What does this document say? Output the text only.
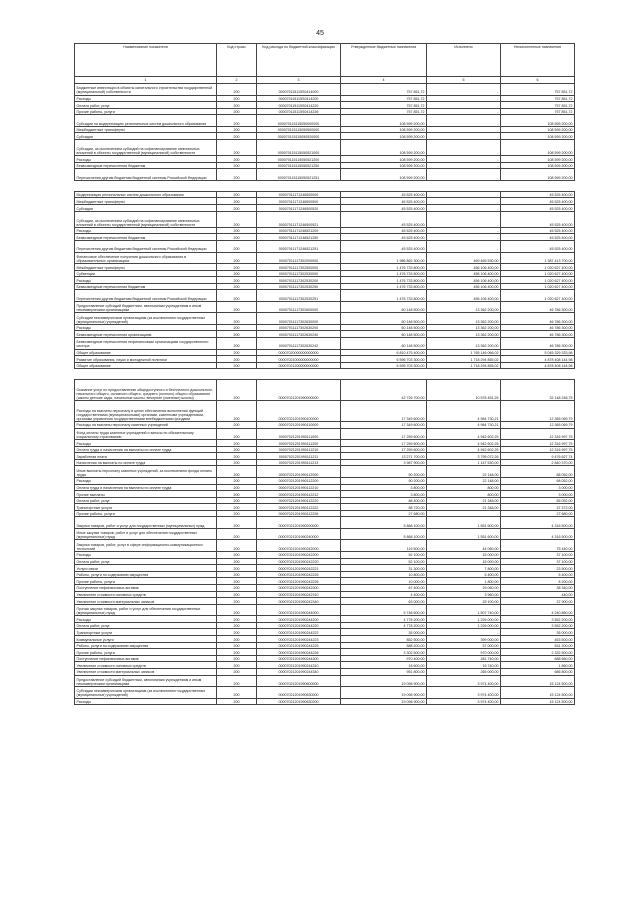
45
Наименование показателя	Код строки	Код расхода по бюджетной классификации	Утвержденные бюджетные назначения	Исполнено	Неисполненные назначения
1	2	3	4	5	6
Бюджетные инвестиции в объекты капитального строительства государственной (муниципальной) собственности	200	000070115115S0414000	757 851,72	-	757 851,72
Расходы	200	000070115115S0414200	757 851,72	-	757 851,72
Оплата работ, услуг	200	000070115115S0414220	757 851,72	-	757 851,72
Прочие работы, услуги	200	000070115115S0414226	757 851,72	-	757 851,72
Субсидии на модернизацию региональных систем дошкольного образования	200	000070115115050000000	108 599 200,00	-	108 599 200,00
Межбюджетные трансферты	200	000070115115050500000	108 599 200,00	-	108 599 200,00
Субсидии	200	000070115115050520000	108 599 200,00	-	108 599 200,00
Субсидии, за исключением субсидий на софинансирование капитальных вложений в объекты государственной (муниципальной) собственности	200	000070115115050521000	108 599 200,00	-	108 599 200,00
Расходы	200	000070115115050521200	108 599 200,00	-	108 599 200,00
Безвозмездные перечисления бюджетам	200	000070115115050521250	108 599 200,00	-	108 599 200,00
Перечисления другим бюджетам бюджетной системы Российской Федерации	200	000070115115050521251	108 599 200,00	-	108 599 200,00

Модернизация региональных систем дошкольного образования	200	00007011171246500000	45 525 400,00	-	45 525 400,00
Межбюджетные трансферты	200	00007011171246500500	45 525 400,00	-	45 525 400,00
Субсидии	200	00007011171246500520	45 525 400,00	-	45 525 400,00
Субсидии, за исключением субсидий на софинансирование капитальных вложений в объекты государственной (муниципальной) собственности	200	00007011171246500521	45 525 400,00	-	45 525 400,00
Расходы	200	00007011171246521200	45 525 400,00	-	45 525 400,00
Безвозмездные перечисления бюджетам	200	00007011171246521250	45 525 400,00	-	45 525 400,00
Перечисления другим бюджетам бюджетной системы Российской Федерации	200	00007011171246521251	45 525 400,00	-	45 525 400,00
Финансовое обеспечение получения дошкольного образования в образовательных организациях	200	00007011117302000000	1 986 862 300,00	469 465 530,00	1 387 413 700,00
Межбюджетные трансферты	200	00007011117302500000	1 476 733 800,00	456 106 400,00	1 020 627 400,00
Субвенции	200	00007011117302530000	1 476 733 800,00	456 106 400,00	1 020 627 400,00
Расходы	200	00007011117302530200	1 476 733 800,00	456 106 400,00	1 020 627 400,00
Безвозмездные перечисления бюджетам	200	00007011117302530250	1 476 733 800,00	456 106 400,00	1 020 627 400,00
Перечисления другим бюджетам бюджетной системы Российской Федерации	200	00007011117302530251	1 476 733 800,00	456 106 400,00	1 020 627 400,00
Предоставление субсидий бюджетным, автономным учреждениям и иным некоммерческим организациям	200	00007011117302600000	60 148 500,00	13 362 200,00	46 786 300,00
Субсидии некоммерческим организациям (за исключением государственных (муниципальных) учреждений)	200	00007011117302630000	60 148 500,00	13 362 200,00	46 786 300,00
Расходы	200	00007011117302630200	60 148 500,00	13 362 200,00	46 786 300,00
Безвозмездные перечисления организациям	200	00007011117302630240	60 148 500,00	13 362 200,00	46 786 300,00
Безвозмездные перечисления нефинансовым организациям государственного сектора	200	00007011117302630242	60 148 500,00	13 362 200,00	46 786 300,00
Общее образование	200	00007020000000000000	6 810 475 400,00	1 765 146 066,02	5 045 329 333,98
Развитие образования, науки и молодежной политики	200	00007021000000000000	6 596 703 300,00	1 718 294 855,02	4 878 408 144,98
Общее образование	200	00007021200000000000	6 595 703 300,00	1 718 294 855,02	4 878 408 144,98

Оказание услуг по предоставлению общедоступного и бесплатного дошкольного, начального общего, основного общего, среднего (полного) общего образования (школы детские сады, начальные школы, вечерние (сменные) школы)	200	00007021201990000000	42 726 700,00	10 578 451,25	32 148 248,75
Расходы на выплаты персоналу в целях обеспечения выполнения функций государственными (муниципальными) органами, казенными учреждениями, органами управления государственными внебюджетными фондами	200	00007021201990100000	17 349 600,00	4 984 730,21	12 365 069,79
Расходы на выплаты персоналу казенных учреждений	200	00007021201990110000	17 349 600,00	4 984 730,21	12 365 069,79
Фонд оплаты труда казенных учреждений и взносы по обязательному социальному страхованию	200	00007021201990111000	17 259 600,00	4 942 602,25	12 316 997,75
Расходы	200	00007021201990111200	17 259 600,00	4 942 602,25	12 316 997,75
Оплата труда и начисления на выплаты по оплате труда	200	00007021201990111210	17 259 600,00	4 942 602,25	12 316 997,75
Заработная плата	200	00007021201990111211	13 271 700,00	3 795 072,26	9 476 627,74
Начисления на выплаты по оплате труда	200	00007021201990111213	3 987 900,00	1 147 530,00	2 840 370,00
Иные выплаты персоналу казенных учреждений, за исключением фонда оплаты труда	200	00007021201990112000	90 200,00	22 148,00	68 052,00
Расходы	200	00007021201990112200	90 200,00	22 148,00	68 052,00
Оплата труда и начисления на выплаты по оплате труда	200	00007021201990112210	3 800,00	800,00	3 000,00
Прочие выплаты	200	00007021201990112212	3 800,00	800,00	3 000,00
Оплата работ, услуг	200	00007021201990112220	86 400,00	21 348,00	65 052,00
Транспортные услуги	200	00007021201990112222	58 720,00	21 348,00	37 372,00
Прочие работы, услуги	200	00007021201990112226	27 680,00	-	27 680,00
Закупка товаров, работ и услуг для государственных (муниципальных) нужд	200	00007021201990200000	5 868 100,00	1 551 600,00	4 316 500,00
Иные закупки товаров, работ и услуг для обеспечения государственных (муниципальных) нужд	200	00007021201990240000	5 868 100,00	1 551 600,00	4 316 500,00
Закупка товаров, работ, услуг в сфере информационно-коммуникационных технологий	200	00007021201990242000	119 500,00	44 060,00	75 440,00
Расходы	200	00007021201990242200	52 100,00	15 000,00	37 100,00
Оплата работ, услуг	200	00007021201990242220	52 100,00	15 000,00	37 100,00
Услуги связи	200	00007021201990242221	31 300,00	7 800,00	23 500,00
Работы, услуги по содержанию имущества	200	00007021201990242225	10 800,00	5 400,00	5 400,00
Прочие работы, услуги	200	00007021201990242226	10 000,00	1 800,00	8 200,00
Поступление нефинансовых активов	200	00007021201990242300	67 400,00	29 060,00	38 340,00
Увеличение стоимости основных средств	200	00007021201990242310	4 400,00	3 960,00	440,00
Увеличение стоимости материальных запасов	200	00007021201990242340	63 000,00	25 100,00	37 900,00
Прочая закупка товаров, работ и услуг для обеспечения государственных (муниципальных) нужд	200	00007021201990244000	5 748 600,00	1 507 740,00	4 240 860,00
Расходы	200	00007021201990244200	4 778 200,00	1 226 000,00	3 552 200,00
Оплата работ, услуг	200	00007021201990244220	4 778 200,00	1 226 000,00	3 552 200,00
Транспортные услуги	200	00007021201990244222	35 000,00	-	35 000,00
Коммунальные услуги	200	00007021201990244223	852 500,00	399 000,00	453 500,00
Работы, услуги по содержанию имущества	200	00007021201990244225	588 200,00	57 000,00	531 200,00
Прочие работы, услуги	200	00007021201990244226	3 302 500,00	970 000,00	2 332 500,00
Поступление нефинансовых активов	200	00007021201990244300	970 400,00	281 740,00	688 660,00
Увеличение стоимости основных средств	200	00007021201990244310	18 600,00	16 740,00	1 860,00
Увеличение стоимости материальных запасов	200	00007021201990244340	951 800,00	265 000,00	686 800,00
Предоставление субсидий бюджетным, автономным учреждениям и иным некоммерческим организациям	200	00007021201990600000	19 098 900,00	3 974 400,00	15 124 500,00
Субсидии некоммерческим организациям (за исключением государственных (муниципальных) учреждений)	200	00007021201990630000	19 098 900,00	3 974 400,00	15 124 500,00
Расходы	200	00007021201990630200	19 098 900,00	3 974 400,00	15 124 500,00
